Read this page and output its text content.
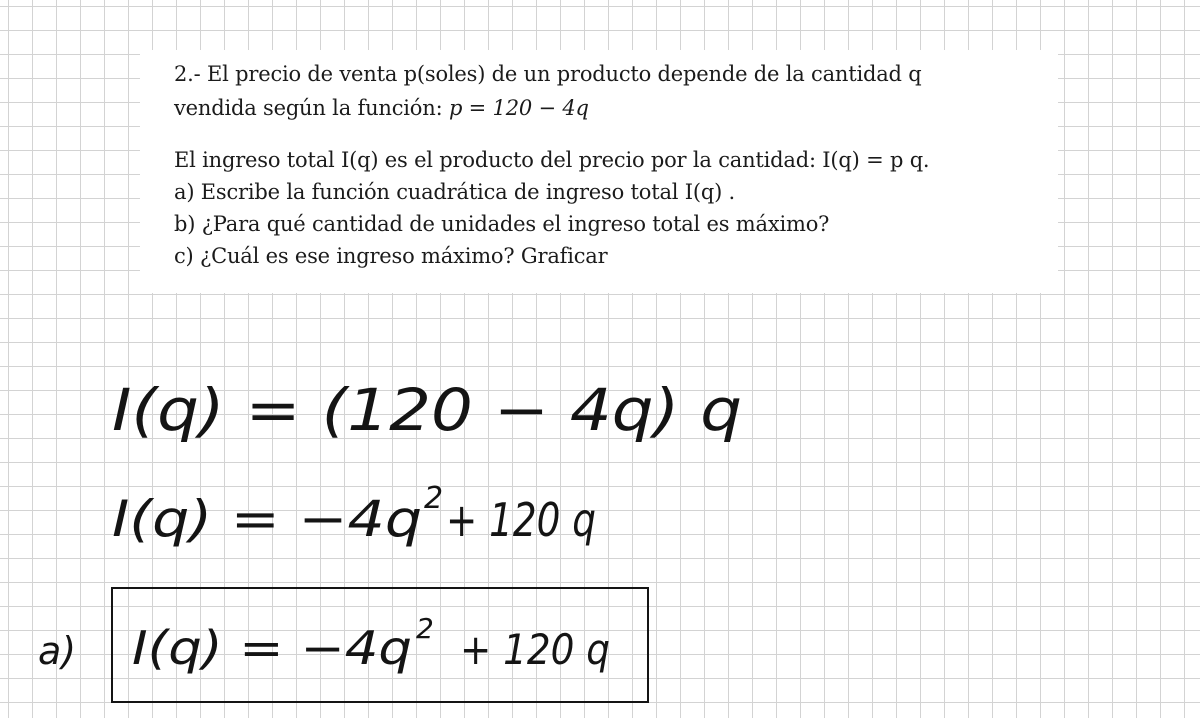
2.- El precio de venta p(soles) de un producto depende de la cantidad q

vendida según la función: p = 120 − 4q

El ingreso total I(q) es el producto del precio por la cantidad: I(q) = p q.

a) Escribe la función cuadrática de ingreso total I(q) .

b) ¿Para qué cantidad de unidades el ingreso total es máximo?

c) ¿Cuál es ese ingreso máximo? Graficar

I(q) = (120 − 4q) q
I(q) = −4q 2 + 120 q
a) I(q) = −4q 2 + 120 q
